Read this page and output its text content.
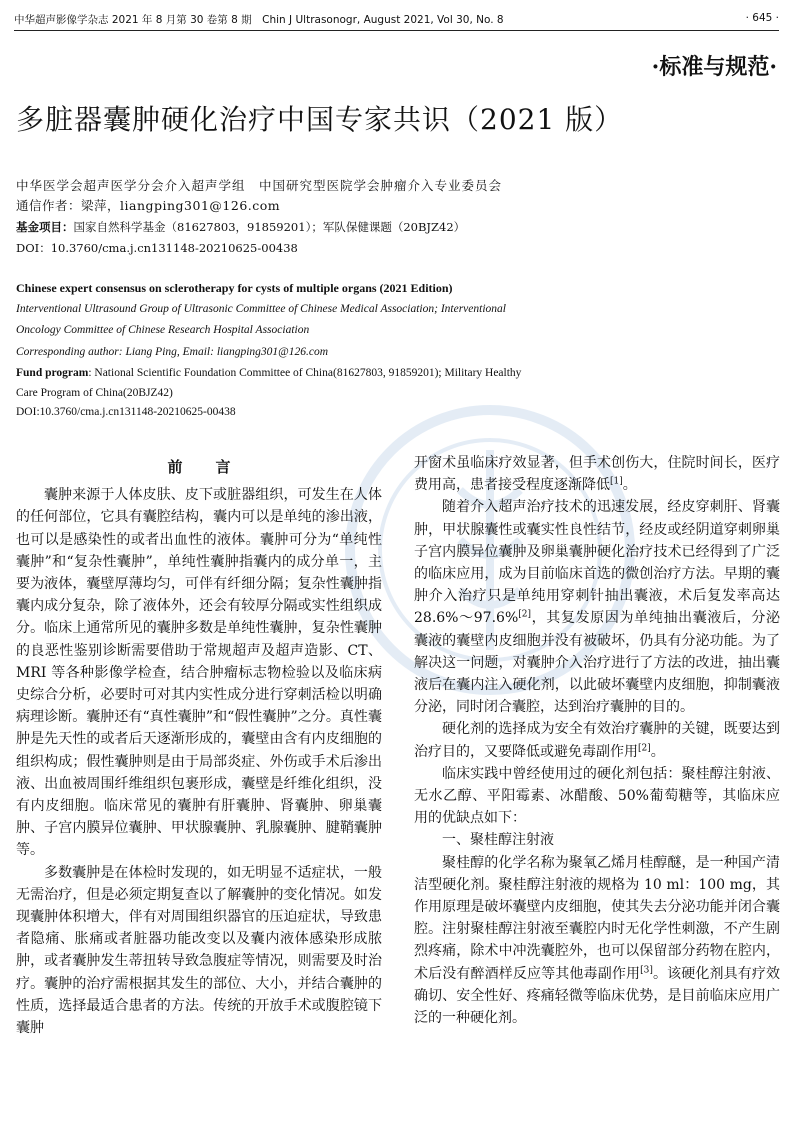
中华超声影像学杂志 2021 年 8 月第 30 卷第 8 期　Chin J Ultrasonogr, August 2021, Vol 30, No. 8	· 645 ·
·标准与规范·
多脏器囊肿硬化治疗中国专家共识（2021 版）
中华医学会超声医学分会介入超声学组　中国研究型医院学会肿瘤介入专业委员会
通信作者：梁萍，liangping301@126.com
基金项目：国家自然科学基金（81627803，91859201）；军队保健课题（20BJZ42）
DOI：10.3760/cma.j.cn131148-20210625-00438
Chinese expert consensus on sclerotherapy for cysts of multiple organs (2021 Edition)
Interventional Ultrasound Group of Ultrasonic Committee of Chinese Medical Association; Interventional
Oncology Committee of Chinese Research Hospital Association
Corresponding author: Liang Ping, Email: liangping301@126.com
Fund program: National Scientific Foundation Committee of China(81627803, 91859201); Military Healthy
Care Program of China(20BJZ42)
DOI:10.3760/cma.j.cn131148-20210625-00438
前言

囊肿来源于人体皮肤、皮下或脏器组织，可发生在人体的任何部位，它具有囊腔结构，囊内可以是单纯的渗出液，也可以是感染性的或者出血性的液体。囊肿可分为“单纯性囊肿”和“复杂性囊肿”，单纯性囊肿指囊内的成分单一，主要为液体，囊壁厚薄均匀，可伴有纤细分隔；复杂性囊肿指囊内成分复杂，除了液体外，还会有较厚分隔或实性组织成分。临床上通常所见的囊肿多数是单纯性囊肿，复杂性囊肿的良恶性鉴别诊断需要借助于常规超声及超声造影、CT、MRI 等各种影像学检查，结合肿瘤标志物检验以及临床病史综合分析，必要时可对其内实性成分进行穿刺活检以明确病理诊断。囊肿还有“真性囊肿”和“假性囊肿”之分。真性囊肿是先天性的或者后天逐渐形成的，囊壁由含有内皮细胞的组织构成；假性囊肿则是由于局部炎症、外伤或手术后渗出液、出血被周围纤维组织包裹形成，囊壁是纤维化组织，没有内皮细胞。临床常见的囊肿有肝囊肿、肾囊肿、卵巢囊肿、子宫内膜异位囊肿、甲状腺囊肿、乳腺囊肿、腱鞘囊肿等。

多数囊肿是在体检时发现的，如无明显不适症状，一般无需治疗，但是必须定期复查以了解囊肿的变化情况。如发现囊肿体积增大，伴有对周围组织器官的压迫症状，导致患者隐痛、胀痛或者脏器功能改变以及囊内液体感染形成脓肿，或者囊肿发生蒂扭转导致急腹症等情况，则需要及时治疗。囊肿的治疗需根据其发生的部位、大小，并结合囊肿的性质，选择最适合患者的方法。传统的开放手术或腹腔镜下囊肿

开窗术虽临床疗效显著，但手术创伤大，住院时间长，医疗费用高，患者接受程度逐渐降低[1]。

随着介入超声治疗技术的迅速发展，经皮穿刺肝、肾囊肿，甲状腺囊性或囊实性良性结节，经皮或经阴道穿刺卵巢子宫内膜异位囊肿及卵巢囊肿硬化治疗技术已经得到了广泛的临床应用，成为目前临床首选的微创治疗方法。早期的囊肿介入治疗只是单纯用穿刺针抽出囊液，术后复发率高达 28.6%～97.6%[2]，其复发原因为单纯抽出囊液后，分泌囊液的囊壁内皮细胞并没有被破坏，仍具有分泌功能。为了解决这一问题，对囊肿介入治疗进行了方法的改进，抽出囊液后在囊内注入硬化剂，以此破坏囊壁内皮细胞，抑制囊液分泌，同时闭合囊腔，达到治疗囊肿的目的。

硬化剂的选择成为安全有效治疗囊肿的关键，既要达到治疗目的，又要降低或避免毒副作用[2]。

临床实践中曾经使用过的硬化剂包括：聚桂醇注射液、无水乙醇、平阳霉素、冰醋酸、50%葡萄糖等，其临床应用的优缺点如下：

一、聚桂醇注射液

聚桂醇的化学名称为聚氧乙烯月桂醇醚，是一种国产清洁型硬化剂。聚桂醇注射液的规格为 10 ml：100 mg，其作用原理是破坏囊壁内皮细胞，使其失去分泌功能并闭合囊腔。注射聚桂醇注射液至囊腔内时无化学性刺激，不产生剧烈疼痛，除术中冲洗囊腔外，也可以保留部分药物在腔内，术后没有醉酒样反应等其他毒副作用[3]。该硬化剂具有疗效确切、安全性好、疼痛轻微等临床优势，是目前临床应用广泛的一种硬化剂。
